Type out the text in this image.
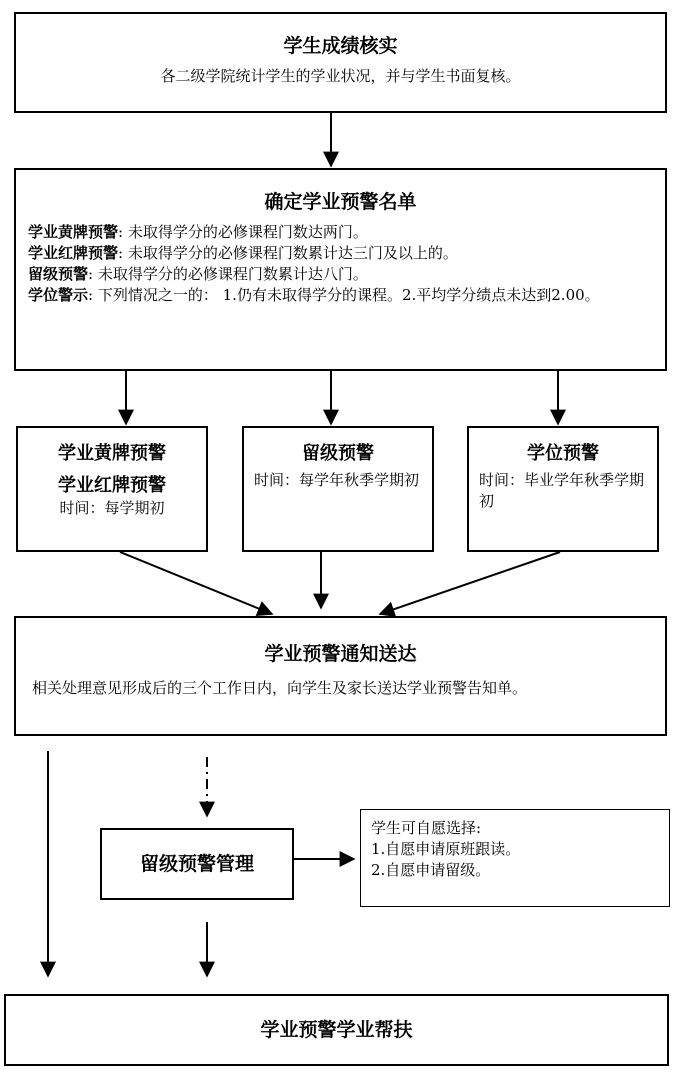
学生成绩核实
各二级学院统计学生的学业状况，并与学生书面复核。
确定学业预警名单
学业黄牌预警: 未取得学分的必修课程门数达两门。
学业红牌预警: 未取得学分的必修课程门数累计达三门及以上的。
留级预警: 未取得学分的必修课程门数累计达八门。
学位警示: 下列情况之一的： 1.仍有未取得学分的课程。2.平均学分绩点未达到2.00。
学业黄牌预警
学业红牌预警
时间：每学期初
留级预警
时间：每学年秋季学期初
学位预警
时间：毕业学年秋季学期初
学业预警通知送达
相关处理意见形成后的三个工作日内，向学生及家长送达学业预警告知单。
留级预警管理
学生可自愿选择:
1.自愿申请原班跟读。
2.自愿申请留级。
学业预警学业帮扶
